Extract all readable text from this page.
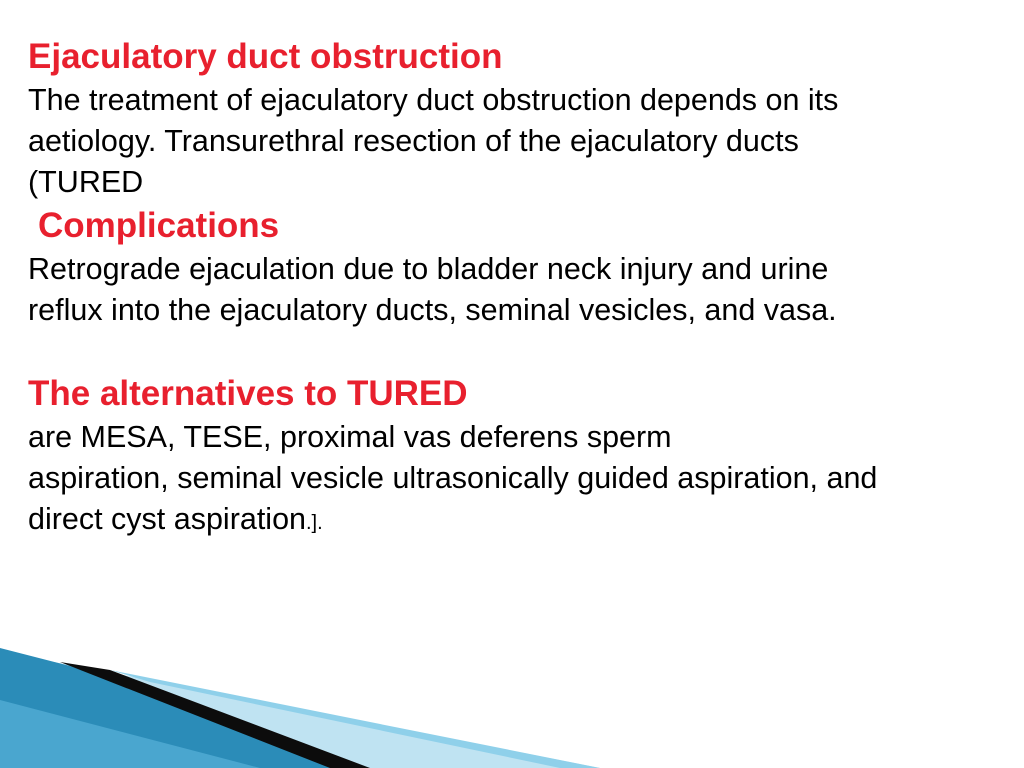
Ejaculatory duct obstruction
The treatment of ejaculatory duct obstruction depends on its
aetiology. Transurethral resection of the ejaculatory ducts
(TURED
Complications
Retrograde ejaculation due to bladder neck injury and urine
reflux into the ejaculatory ducts, seminal vesicles, and vasa.
The alternatives to TURED
are MESA, TESE, proximal vas deferens sperm
aspiration, seminal vesicle ultrasonically guided aspiration, and
direct cyst aspiration.].
